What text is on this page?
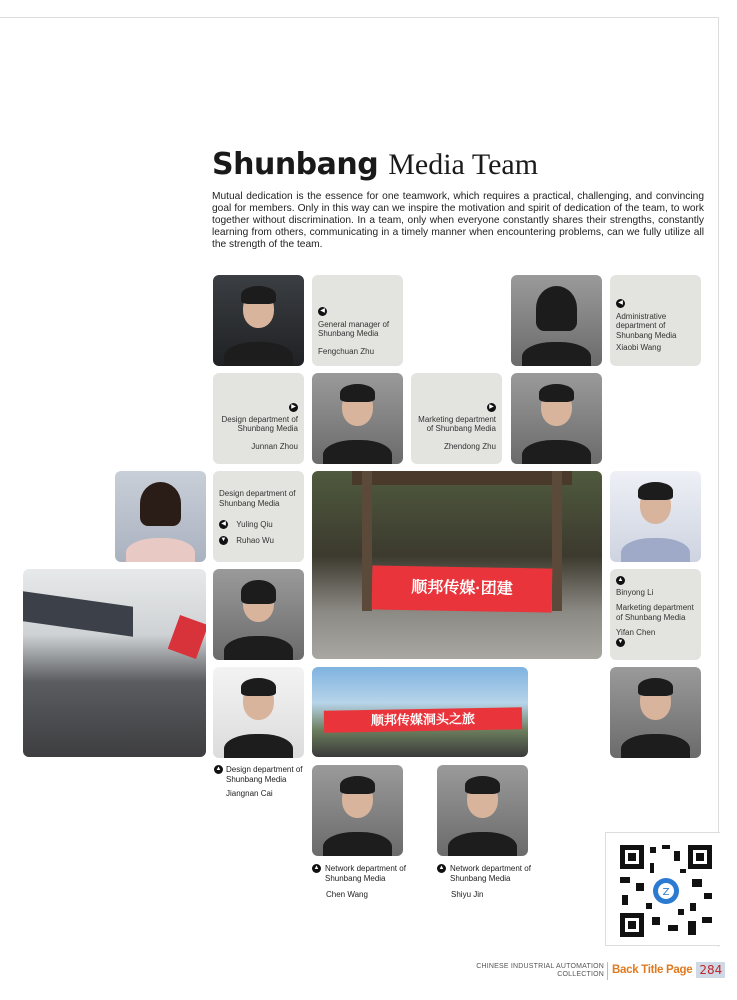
Shunbang Media Team

Mutual dedication is the essence for one teamwork, which requires a practical, challenging, and convincing goal for members. Only in this way can we inspire the motivation and spirit of dedication of the team, to work together without discrimination. In a team, only when everyone constantly shares their strengths, constantly learning from others, communicating in a timely manner when encountering problems, can we fully utilize all the strength of the team.

◀
General manager of Shunbang Media
Fengchuan Zhu
◀
Administrative department of Shunbang Media
Xiaobi Wang
▶
Design department of Shunbang Media
Junnan Zhou
▶
Marketing department of Shunbang Media
Zhendong Zhu
Design department of Shunbang Media
◀ Yuling Qiu
▼ Ruhao Wu
顺邦传媒·团建	▲
Binyong Li
Marketing department of Shunbang Media
Yifan Chen
▼
顺邦传媒洞头之旅
▲ Design department of Shunbang Media
Jiangnan Cai
▲ Network department of Shunbang Media
Chen Wang
▲ Network department of Shunbang Media
Shiyu Jin	Z
CHINESE INDUSTRIAL AUTOMATION
COLLECTION Back Title Page 284
